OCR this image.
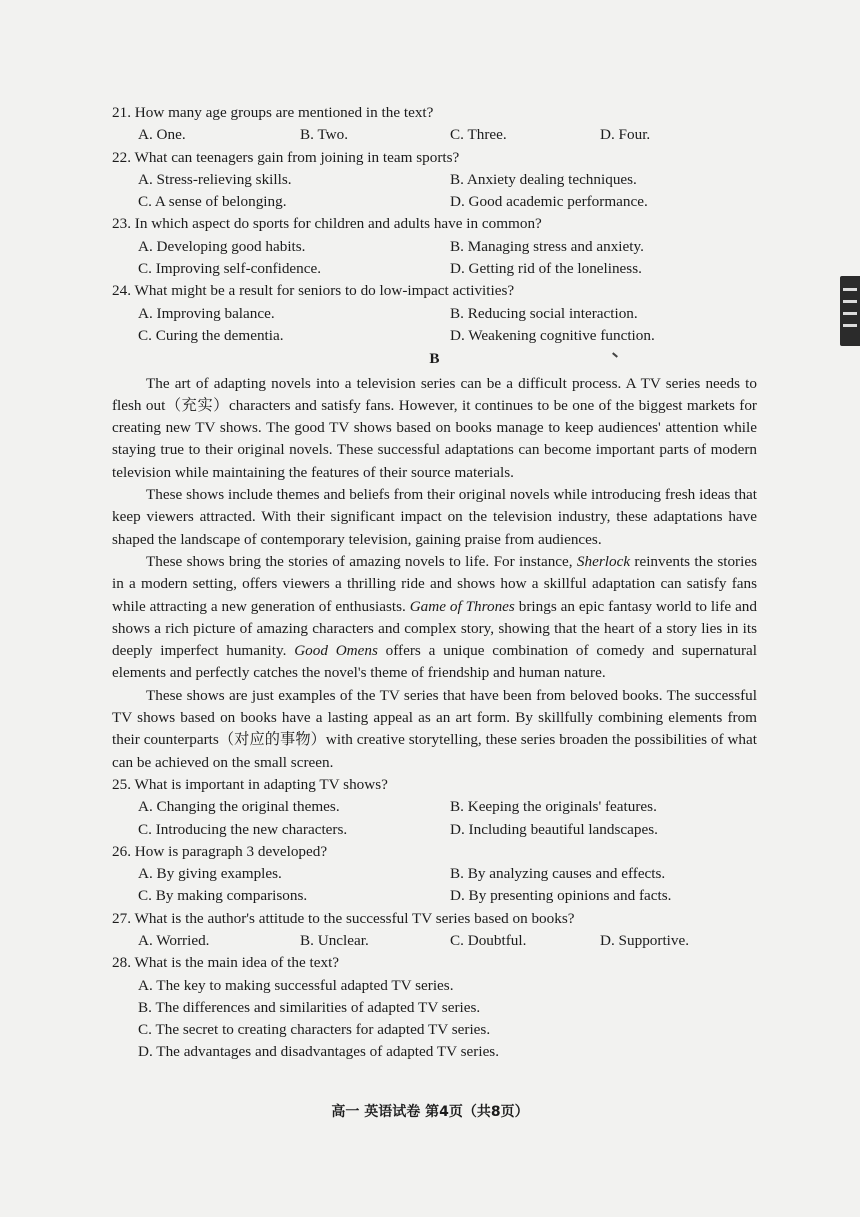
21. How many age groups are mentioned in the text?

A. One.	B. Two.	C. Three.	D. Four.

22. What can teenagers gain from joining in team sports?

A. Stress-relieving skills.	B. Anxiety dealing techniques.
C. A sense of belonging.	D. Good academic performance.

23. In which aspect do sports for children and adults have in common?

A. Developing good habits.	B. Managing stress and anxiety.
C. Improving self-confidence.	D. Getting rid of the loneliness.

24. What might be a result for seniors to do low-impact activities?

A. Improving balance.	B. Reducing social interaction.
C. Curing the dementia.	D. Weakening cognitive function.
B

The art of adapting novels into a television series can be a difficult process. A TV series needs to flesh out（充实）characters and satisfy fans. However, it continues to be one of the biggest markets for creating new TV shows. The good TV shows based on books manage to keep audiences' attention while staying true to their original novels. These successful adaptations can become important parts of modern television while maintaining the features of their source materials.

These shows include themes and beliefs from their original novels while introducing fresh ideas that keep viewers attracted. With their significant impact on the television industry, these adaptations have shaped the landscape of contemporary television, gaining praise from audiences.

These shows bring the stories of amazing novels to life. For instance, Sherlock reinvents the stories in a modern setting, offers viewers a thrilling ride and shows how a skillful adaptation can satisfy fans while attracting a new generation of enthusiasts. Game of Thrones brings an epic fantasy world to life and shows a rich picture of amazing characters and complex story, showing that the heart of a story lies in its deeply imperfect humanity. Good Omens offers a unique combination of comedy and supernatural elements and perfectly catches the novel's theme of friendship and human nature.

These shows are just examples of the TV series that have been from beloved books. The successful TV shows based on books have a lasting appeal as an art form. By skillfully combining elements from their counterparts（对应的事物）with creative storytelling, these series broaden the possibilities of what can be achieved on the small screen.

25. What is important in adapting TV shows?

A. Changing the original themes.	B. Keeping the originals' features.
C. Introducing the new characters.	D. Including beautiful landscapes.

26. How is paragraph 3 developed?

A. By giving examples.	B. By analyzing causes and effects.
C. By making comparisons.	D. By presenting opinions and facts.

27. What is the author's attitude to the successful TV series based on books?

A. Worried.	B. Unclear.	C. Doubtful.	D. Supportive.

28. What is the main idea of the text?

A. The key to making successful adapted TV series.
B. The differences and similarities of adapted TV series.
C. The secret to creating characters for adapted TV series.
D. The advantages and disadvantages of adapted TV series.
高一 英语试卷 第4页（共8页）
